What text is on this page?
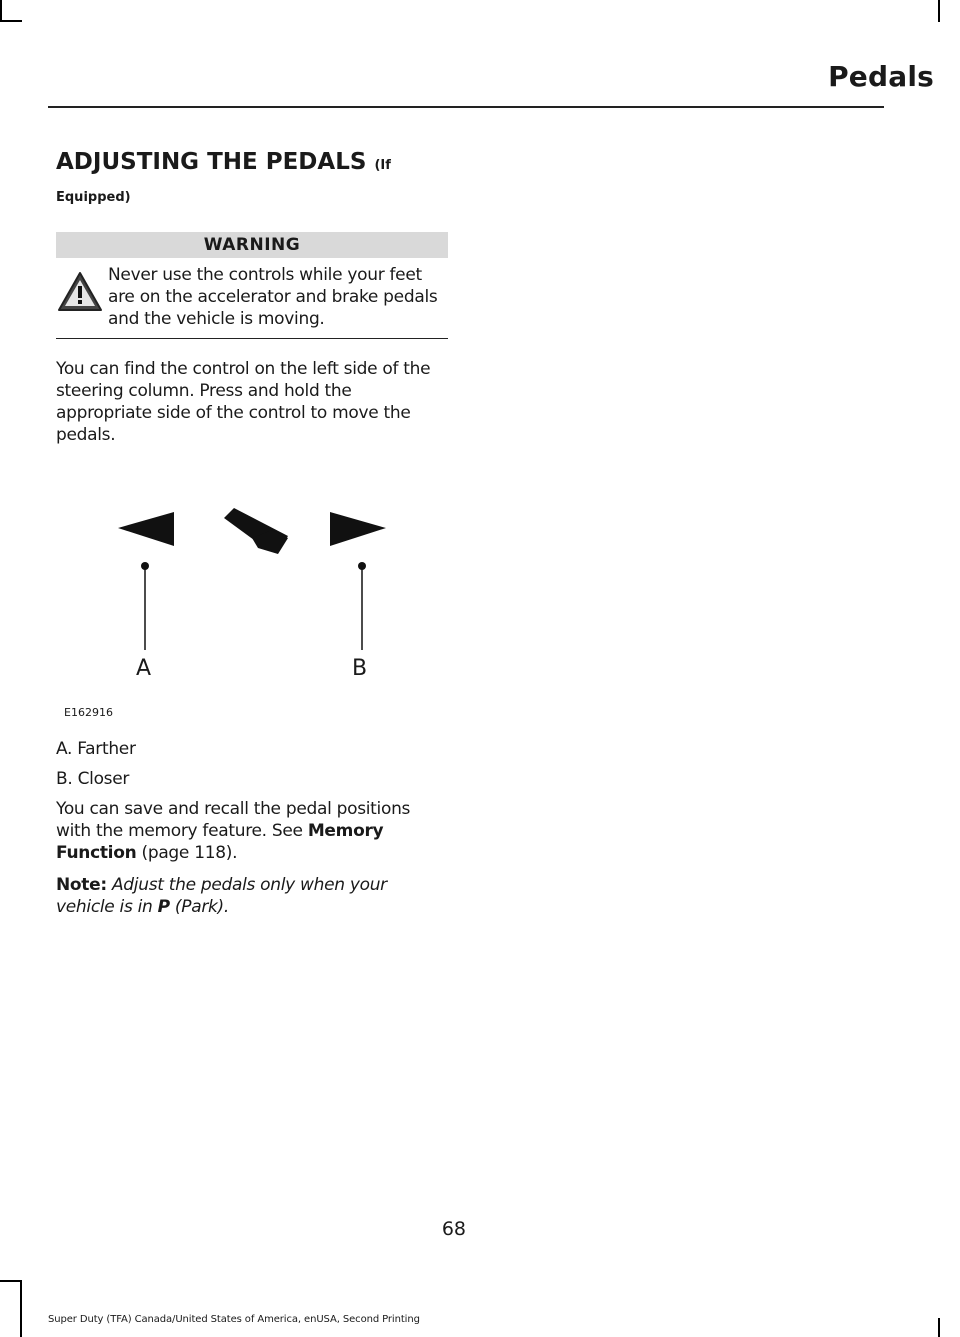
Pedals
ADJUSTING THE PEDALS (If
Equipped)
WARNING
Never use the controls while your feet are on the accelerator and brake pedals and the vehicle is moving.
You can find the control on the left side of the steering column. Press and hold the appropriate side of the control to move the pedals.
A	B
E162916
A. Farther
B. Closer
You can save and recall the pedal positions with the memory feature. See Memory Function (page 118).
Note: Adjust the pedals only when your vehicle is in P (Park).
68
Super Duty (TFA) Canada/United States of America, enUSA, Second Printing
